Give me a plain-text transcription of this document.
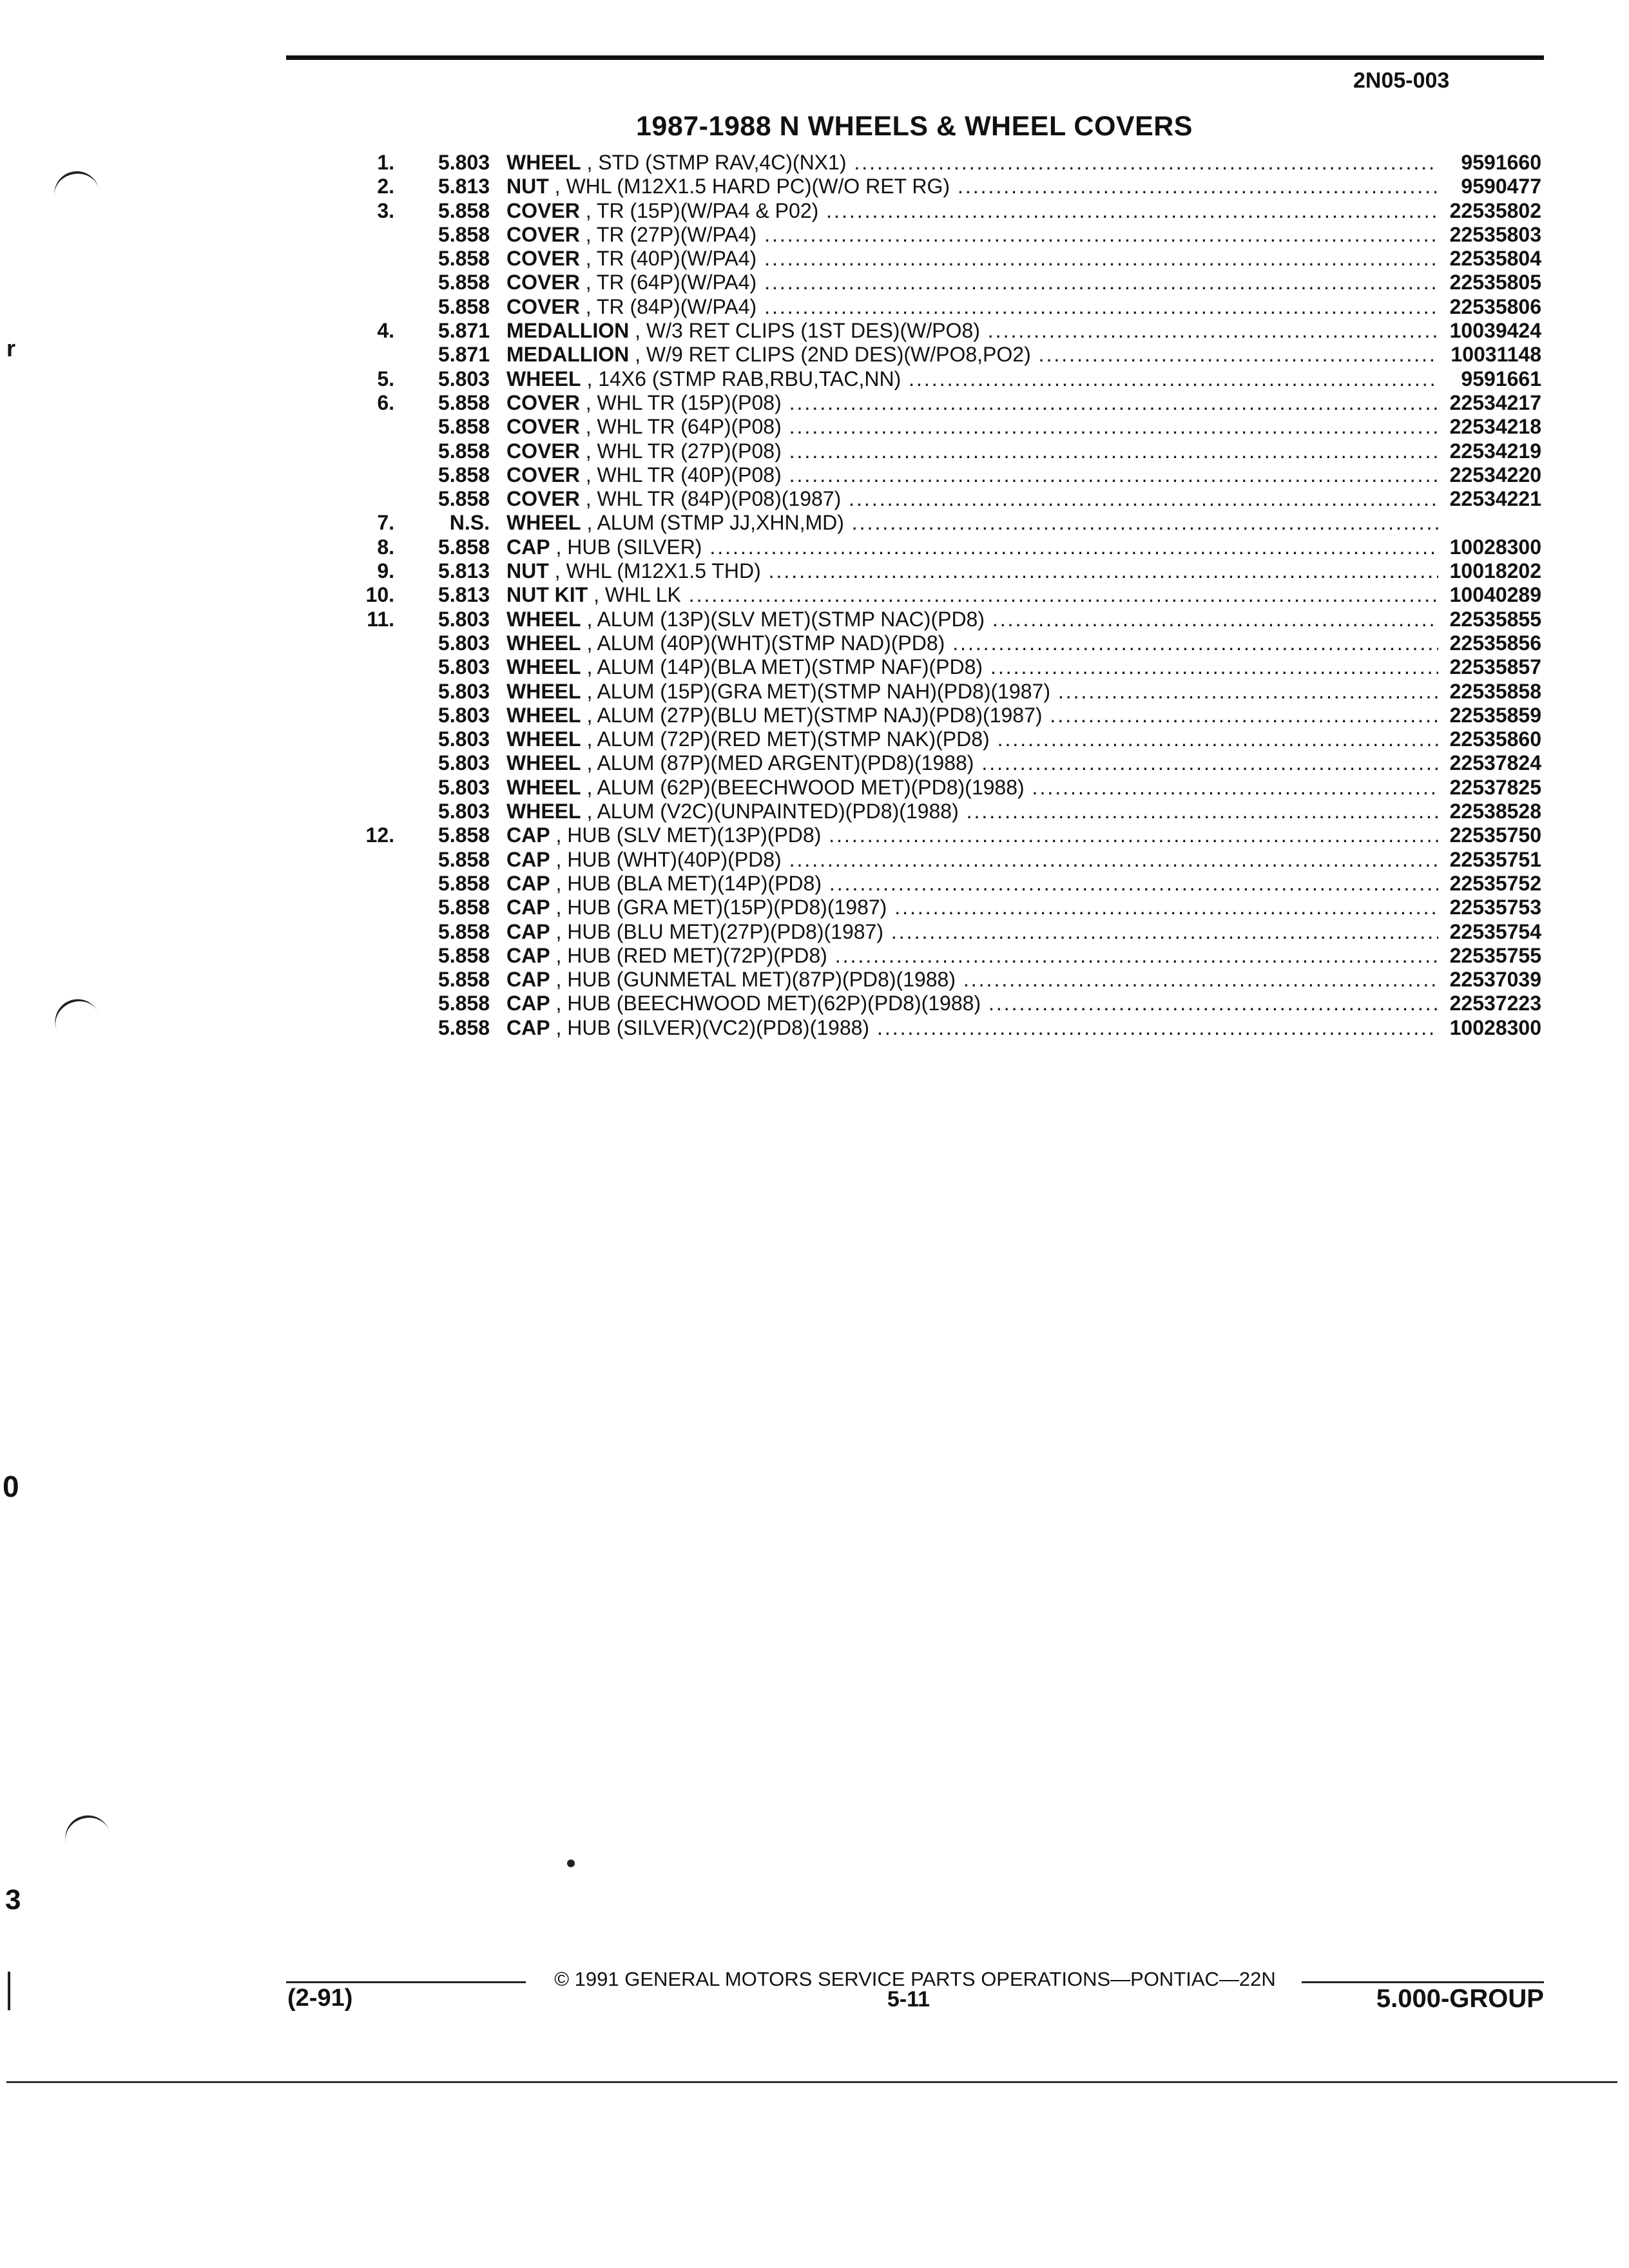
2N05-003
1987-1988 N WHEELS & WHEEL COVERS
1.	5.803 WHEEL , STD (STMP RAV,4C)(NX1) .....	9591660
2.	5.813 NUT , WHL (M12X1.5 HARD PC)(W/O RET RG) .....	9590477
3.	5.858 COVER , TR (15P)(W/PA4 & P02) .....	22535802
5.858 COVER , TR (27P)(W/PA4) .....	22535803
5.858 COVER , TR (40P)(W/PA4) .....	22535804
5.858 COVER , TR (64P)(W/PA4) .....	22535805
5.858 COVER , TR (84P)(W/PA4) .....	22535806
4.	5.871 MEDALLION , W/3 RET CLIPS (1ST DES)(W/PO8) .....	10039424
5.871 MEDALLION , W/9 RET CLIPS (2ND DES)(W/PO8,PO2) .....	10031148
5.	5.803 WHEEL , 14X6 (STMP RAB,RBU,TAC,NN) .....	9591661
6.	5.858 COVER , WHL TR (15P)(P08) .....	22534217
5.858 COVER , WHL TR (64P)(P08) .....	22534218
5.858 COVER , WHL TR (27P)(P08) .....	22534219
5.858 COVER , WHL TR (40P)(P08) .....	22534220
5.858 COVER , WHL TR (84P)(P08)(1987) .....	22534221
7.	N.S. WHEEL , ALUM (STMP JJ,XHN,MD) .....
8.	5.858 CAP , HUB (SILVER) .....	10028300
9.	5.813 NUT , WHL (M12X1.5 THD) .....	10018202
10.	5.813 NUT KIT , WHL LK .....	10040289
11.	5.803 WHEEL , ALUM (13P)(SLV MET)(STMP NAC)(PD8) .....	22535855
5.803 WHEEL , ALUM (40P)(WHT)(STMP NAD)(PD8) .....	22535856
5.803 WHEEL , ALUM (14P)(BLA MET)(STMP NAF)(PD8) .....	22535857
5.803 WHEEL , ALUM (15P)(GRA MET)(STMP NAH)(PD8)(1987) .....	22535858
5.803 WHEEL , ALUM (27P)(BLU MET)(STMP NAJ)(PD8)(1987) .....	22535859
5.803 WHEEL , ALUM (72P)(RED MET)(STMP NAK)(PD8) .....	22535860
5.803 WHEEL , ALUM (87P)(MED ARGENT)(PD8)(1988) .....	22537824
5.803 WHEEL , ALUM (62P)(BEECHWOOD MET)(PD8)(1988) .....	22537825
5.803 WHEEL , ALUM (V2C)(UNPAINTED)(PD8)(1988) .....	22538528
12.	5.858 CAP , HUB (SLV MET)(13P)(PD8) .....	22535750
5.858 CAP , HUB (WHT)(40P)(PD8) .....	22535751
5.858 CAP , HUB (BLA MET)(14P)(PD8) .....	22535752
5.858 CAP , HUB (GRA MET)(15P)(PD8)(1987) .....	22535753
5.858 CAP , HUB (BLU MET)(27P)(PD8)(1987) .....	22535754
5.858 CAP , HUB (RED MET)(72P)(PD8) .....	22535755
5.858 CAP , HUB (GUNMETAL MET)(87P)(PD8)(1988) .....	22537039
5.858 CAP , HUB (BEECHWOOD MET)(62P)(PD8)(1988) .....	22537223
5.858 CAP , HUB (SILVER)(VC2)(PD8)(1988) .....	10028300
© 1991 GENERAL MOTORS SERVICE PARTS OPERATIONS—PONTIAC—22N
(2-91)	5-11	5.000-GROUP
r
0
3
